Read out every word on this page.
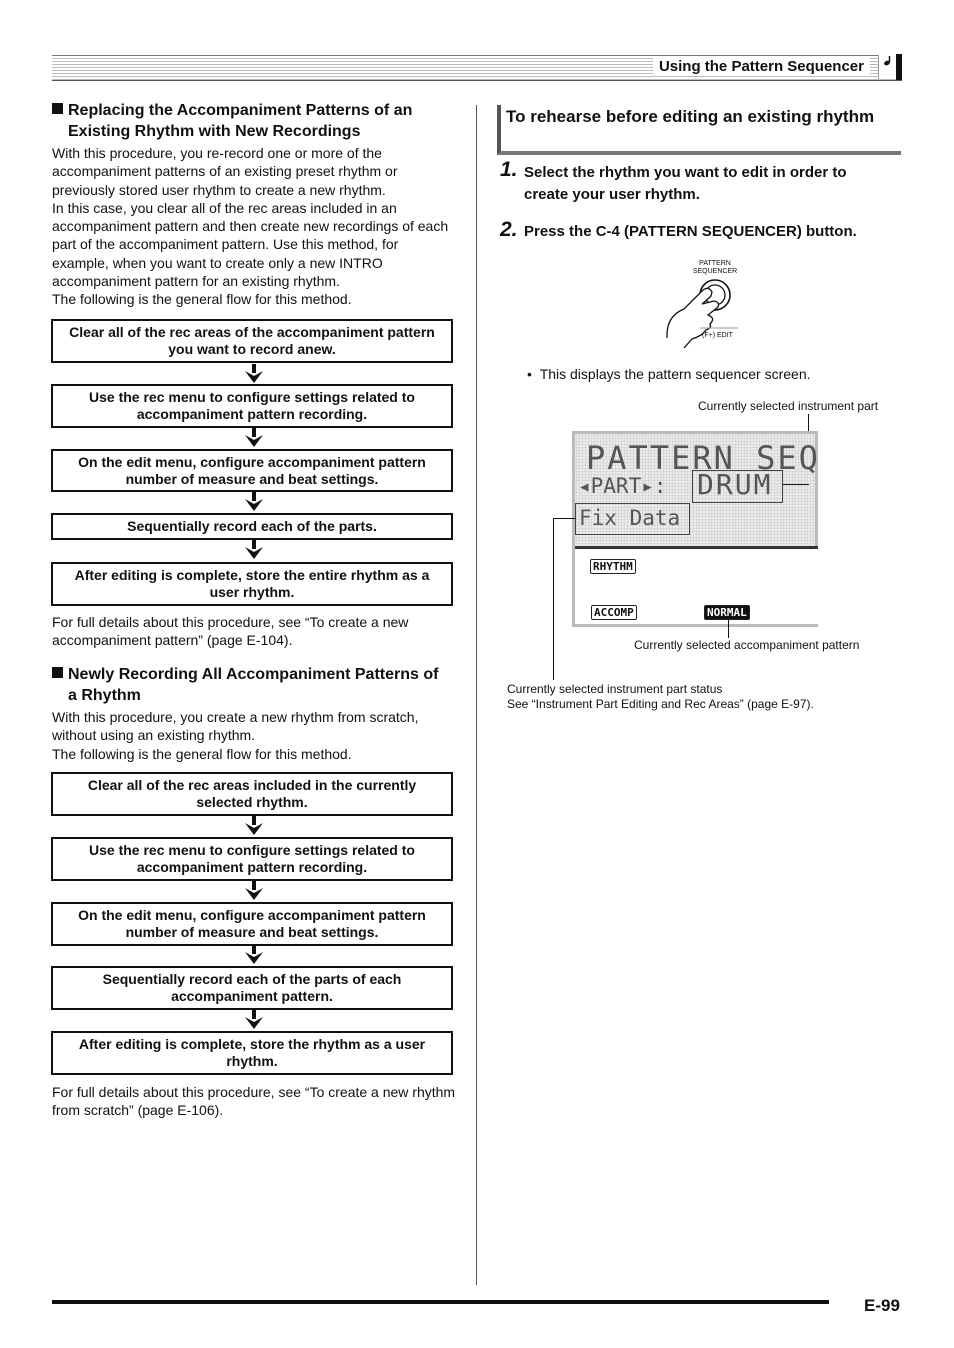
Using the Pattern Sequencer
Replacing the Accompaniment Patterns of an
Existing Rhythm with New Recordings

With this procedure, you re-record one or more of the accompaniment patterns of an existing preset rhythm or previously stored user rhythm to create a new rhythm.

In this case, you clear all of the rec areas included in an accompaniment pattern and then create new recordings of each part of the accompaniment pattern. Use this method, for example, when you want to create only a new INTRO accompaniment pattern for an existing rhythm.

The following is the general flow for this method.

Clear all of the rec areas of the accompaniment pattern you want to record anew.
Use the rec menu to configure settings related to accompaniment pattern recording.
On the edit menu, configure accompaniment pattern number of measure and beat settings.
Sequentially record each of the parts.
After editing is complete, store the entire rhythm as a user rhythm.
For full details about this procedure, see “To create a new accompaniment pattern” (page E-104).
Newly Recording All Accompaniment Patterns of
a Rhythm

With this procedure, you create a new rhythm from scratch, without using an existing rhythm.

The following is the general flow for this method.

Clear all of the rec areas included in the currently selected rhythm.
Use the rec menu to configure settings related to accompaniment pattern recording.
On the edit menu, configure accompaniment pattern number of measure and beat settings.
Sequentially record each of the parts of each accompaniment pattern.
After editing is complete, store the rhythm as a user rhythm.
For full details about this procedure, see “To create a new rhythm from scratch” (page E-106).
To rehearse before editing an existing rhythm
1. Select the rhythm you want to edit in order to create your user rhythm.
2. Press the C-4 (PATTERN SEQUENCER) button.
PATTERN
SEQUENCER
(F+) EDIT
•  This displays the pattern sequencer screen.
Currently selected instrument part
PATTERN SEQ
◂PART▸: DRUM
Fix Data
RHYTHM
ACCOMP	NORMAL
Currently selected accompaniment pattern
Currently selected instrument part status
See “Instrument Part Editing and Rec Areas” (page E-97).
E-99
